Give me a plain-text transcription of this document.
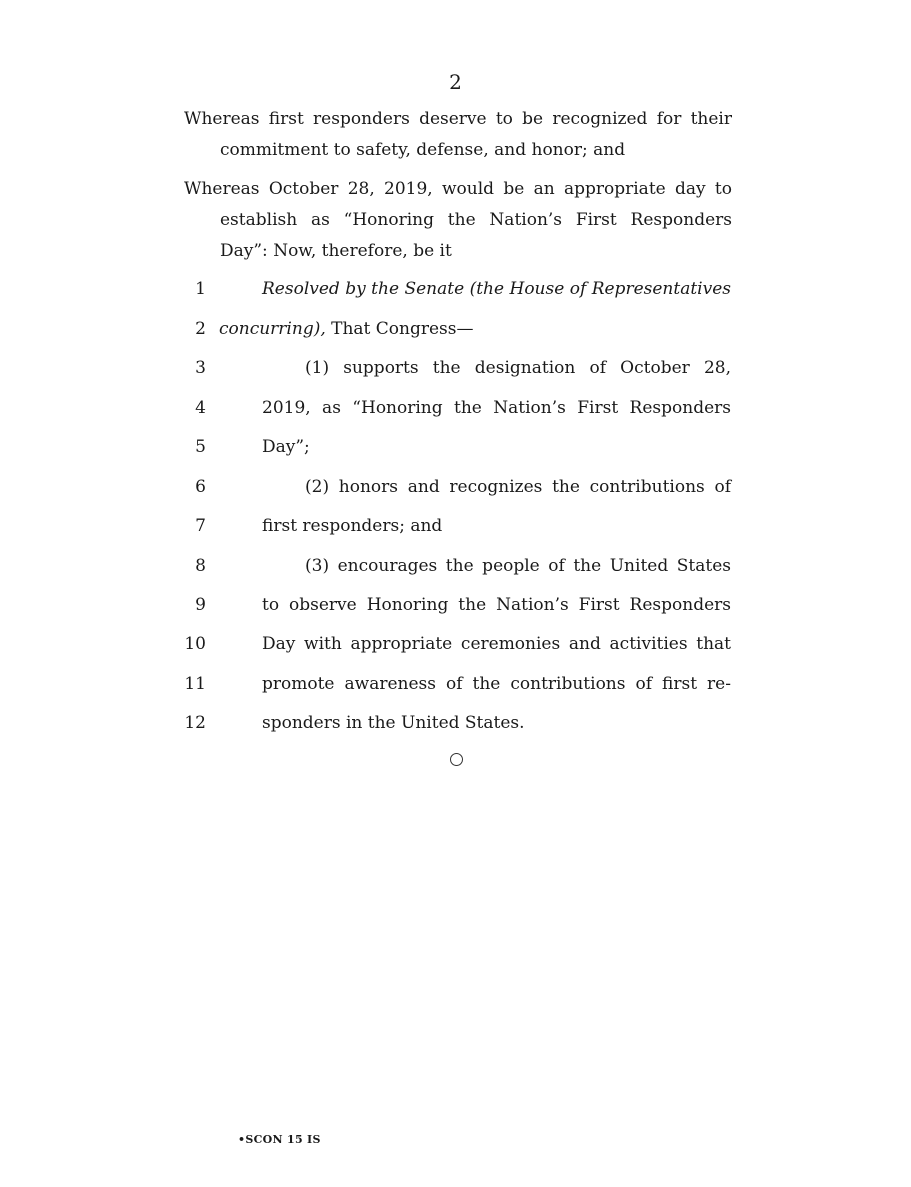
2
Whereas first responders deserve to be recognized for their
commitment to safety, defense, and honor; and
Whereas October 28, 2019, would be an appropriate day to
establish as “Honoring the Nation’s First Responders
Day”: Now, therefore, be it
1	Resolved by the Senate (the House of Representatives
2 concurring), That Congress—
3	(1) supports the designation of October 28,
4	2019, as “Honoring the Nation’s First Responders
5	Day”;
6	(2) honors and recognizes the contributions of
7	first responders; and
8	(3) encourages the people of the United States
9	to observe Honoring the Nation’s First Responders
10	Day with appropriate ceremonies and activities that
11	promote awareness of the contributions of first re-
12	sponders in the United States.
•SCON 15 IS
